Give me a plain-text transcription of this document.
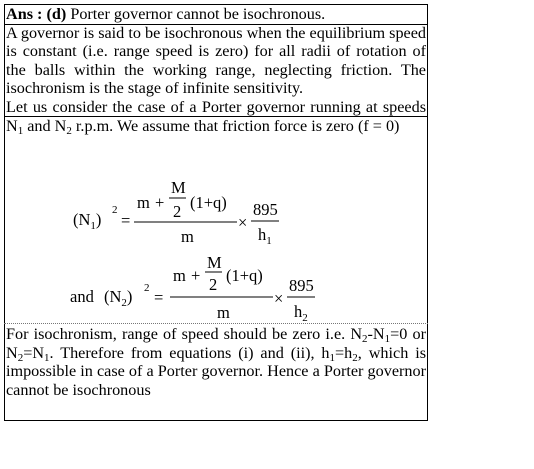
Ans : (d) Porter governor cannot be isochronous.
A governor is said to be isochronous when the equilibrium speed is constant (i.e. range speed is zero) for all radii of rotation of the balls within the working range, neglecting friction. The isochronism is the stage of infinite sensitivity.
Let us consider the case of a Porter governor running at speeds $N_1$ and $N_2$ r.p.m. We assume that friction force is zero (f = 0)
$(N_1)$ 2
=
m +
M
2 (1+q)
m
×
895
$h_1$
and $(N_2) 2$ =
m +
M
2 (1+q)
m
×
895
$h_2$
For isochronism, range of speed should be zero i.e. $N_2-N_1=0$ or $N_2=N_1$. Therefore from equations (i) and (ii), $h_1=h_2$, which is impossible in case of a Porter governor. Hence a Porter governor cannot be isochronous
